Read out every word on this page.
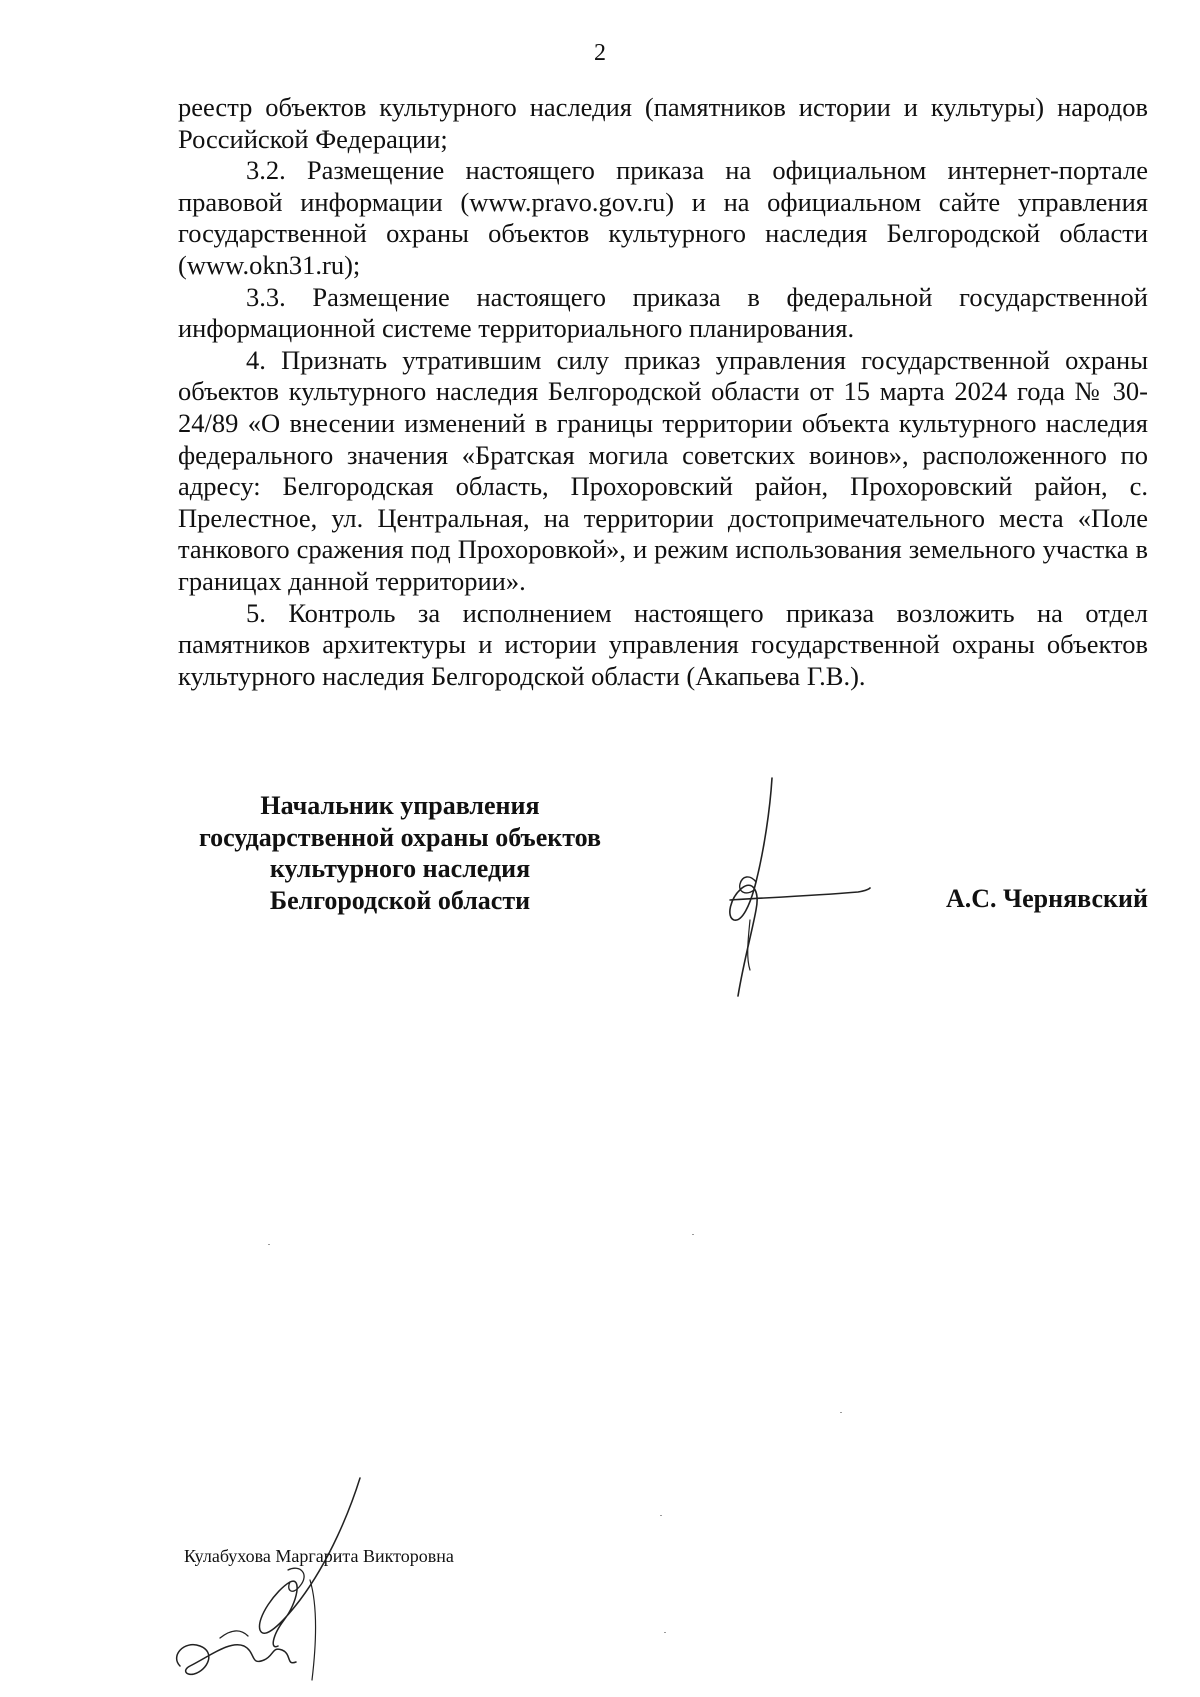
2

реестр объектов культурного наследия (памятников истории и культуры) народов Российской Федерации;

3.2. Размещение настоящего приказа на официальном интернет-портале правовой информации (www.pravo.gov.ru) и на официальном сайте управления государственной охраны объектов культурного наследия Белгородской области (www.okn31.ru);

3.3. Размещение настоящего приказа в федеральной государственной информационной системе территориального планирования.

4. Признать утратившим силу приказ управления государственной охраны объектов культурного наследия Белгородской области от 15 марта 2024 года № 30-24/89 «О внесении изменений в границы территории объекта культурного наследия федерального значения «Братская могила советских воинов», расположенного по адресу: Белгородская область, Прохоровский район, Прохоровский район, с. Прелестное, ул. Центральная, на территории достопримечательного места «Поле танкового сражения под Прохоровкой», и режим использования земельного участка в границах данной территории».

5. Контроль за исполнением настоящего приказа возложить на отдел памятников архитектуры и истории управления государственной охраны объектов культурного наследия Белгородской области (Акапьева Г.В.).

Начальник управления
государственной охраны объектов
культурного наследия
Белгородской области	А.С. Чернявский
Кулабухова Маргарита Викторовна
